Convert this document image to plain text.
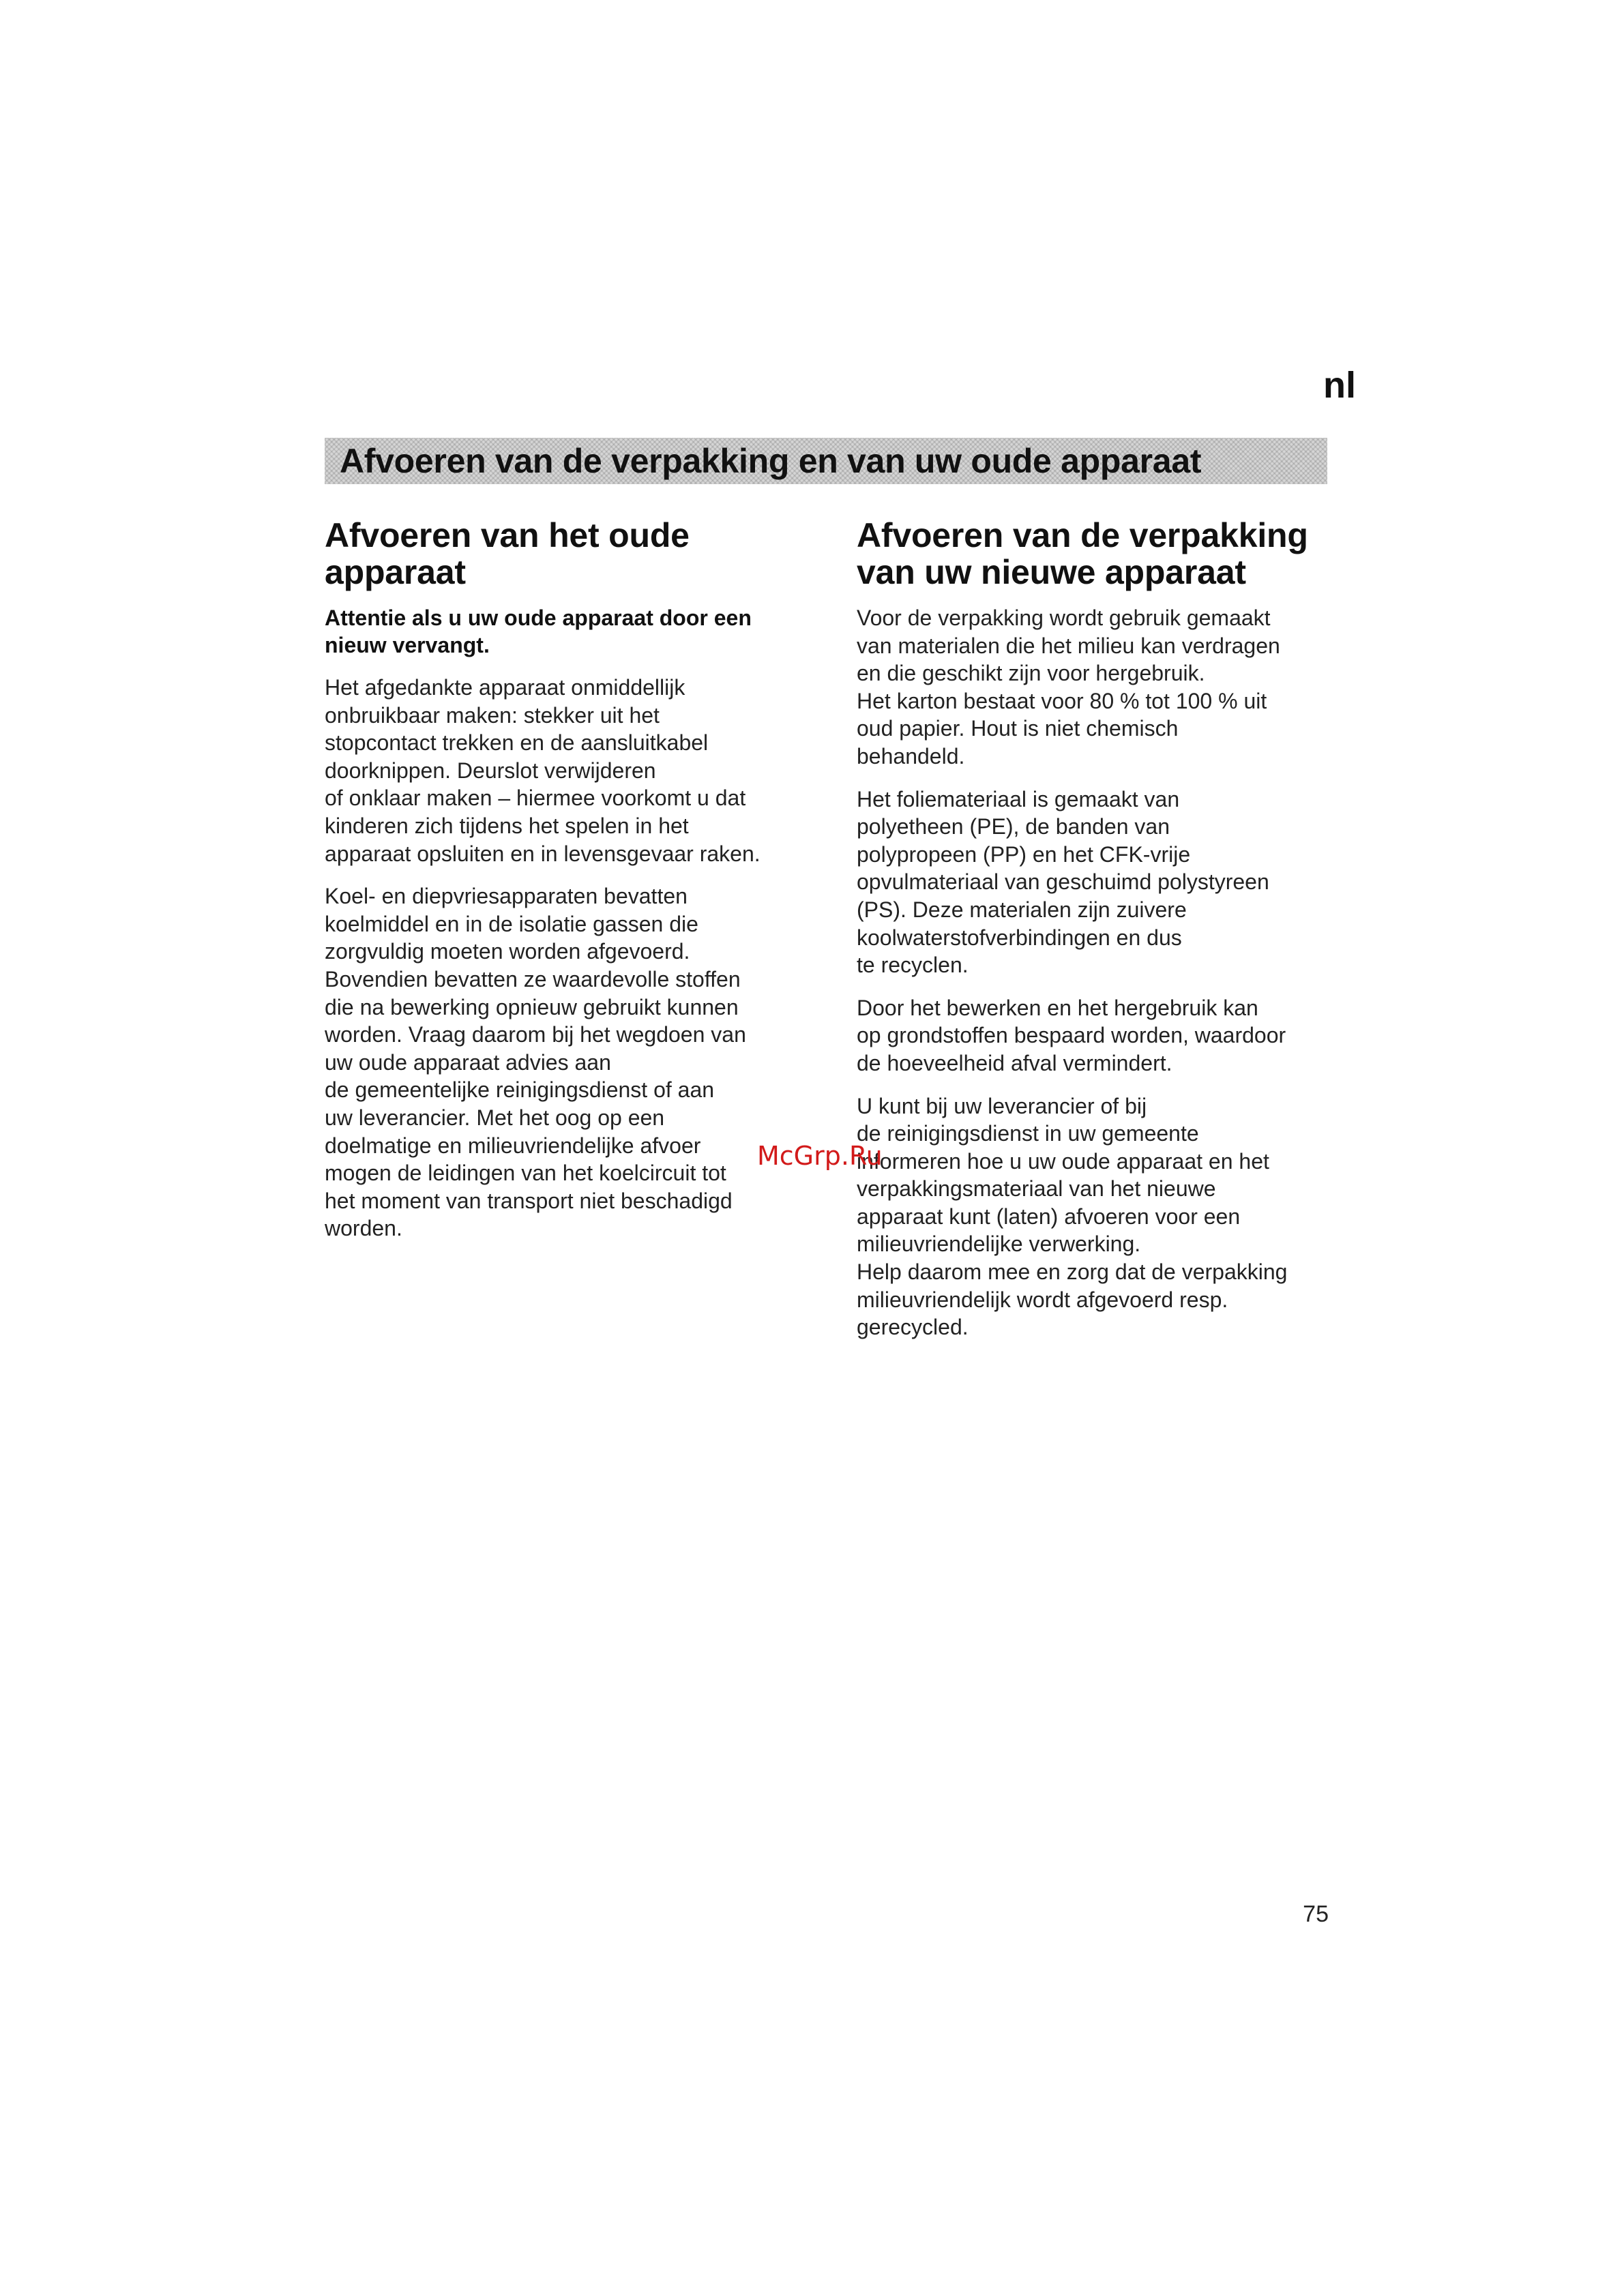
nl
Afvoeren van de verpakking en van uw oude apparaat
Afvoeren van het oude apparaat

Attentie als u uw oude apparaat door een nieuw vervangt.

Het afgedankte apparaat onmiddellijk
onbruikbaar maken: stekker uit het
stopcontact trekken en de aansluitkabel
doorknippen. Deurslot verwijderen
of onklaar maken – hiermee voorkomt u dat
kinderen zich tijdens het spelen in het
apparaat opsluiten en in levensgevaar raken.

Koel- en diepvriesapparaten bevatten
koelmiddel en in de isolatie gassen die
zorgvuldig moeten worden afgevoerd.
Bovendien bevatten ze waardevolle stoffen
die na bewerking opnieuw gebruikt kunnen
worden. Vraag daarom bij het wegdoen van
uw oude apparaat advies aan
de gemeentelijke reinigingsdienst of aan
uw leverancier. Met het oog op een
doelmatige en milieuvriendelijke afvoer
mogen de leidingen van het koelcircuit tot
het moment van transport niet beschadigd
worden.

Afvoeren van de verpakking van uw nieuwe apparaat

Voor de verpakking wordt gebruik gemaakt
van materialen die het milieu kan verdragen
en die geschikt zijn voor hergebruik.
Het karton bestaat voor 80 % tot 100 % uit
oud papier. Hout is niet chemisch
behandeld.

Het foliemateriaal is gemaakt van
polyetheen (PE), de banden van
polypropeen (PP) en het CFK-vrije
opvulmateriaal van geschuimd polystyreen
(PS). Deze materialen zijn zuivere
koolwaterstofverbindingen en dus
te recyclen.

Door het bewerken en het hergebruik kan
op grondstoffen bespaard worden, waardoor
de hoeveelheid afval vermindert.

U kunt bij uw leverancier of bij
de reinigingsdienst in uw gemeente
informeren hoe u uw oude apparaat en het
verpakkingsmateriaal van het nieuwe
apparaat kunt (laten) afvoeren voor een
milieuvriendelijke verwerking.
Help daarom mee en zorg dat de verpakking
milieuvriendelijk wordt afgevoerd resp.
gerecycled.

McGrp.Ru
75
